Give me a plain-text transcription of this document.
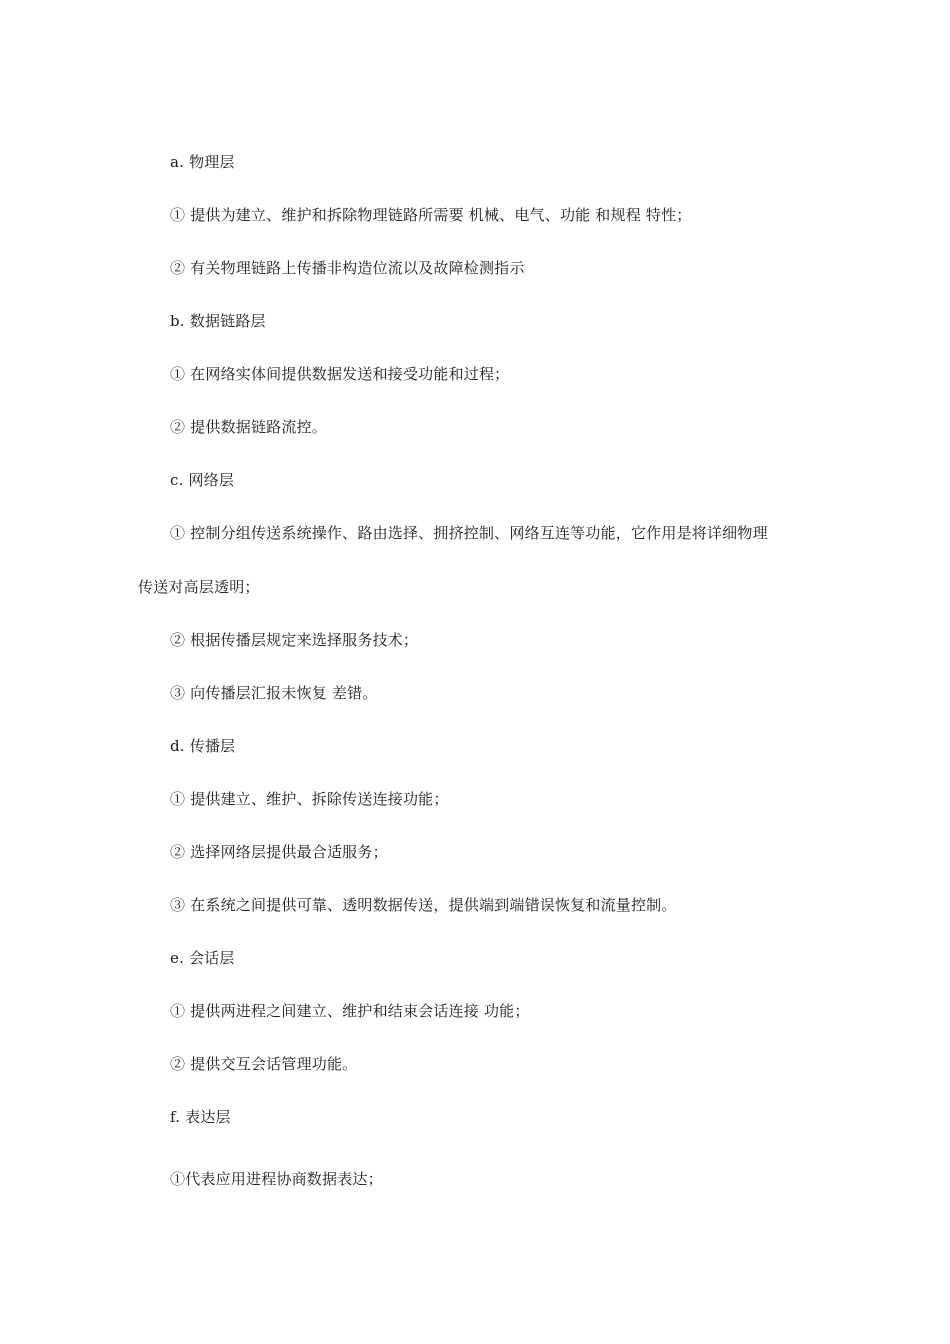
a. 物理层
① 提供为建立、维护和拆除物理链路所需要 机械、电气、功能 和规程 特性；
② 有关物理链路上传播非构造位流以及故障检测指示
b. 数据链路层
① 在网络实体间提供数据发送和接受功能和过程；
② 提供数据链路流控。
c. 网络层
① 控制分组传送系统操作、路由选择、拥挤控制、网络互连等功能，它作用是将详细物理
传送对高层透明；
② 根据传播层规定来选择服务技术；
③ 向传播层汇报未恢复 差错。
d. 传播层
① 提供建立、维护、拆除传送连接功能；
② 选择网络层提供最合适服务；
③ 在系统之间提供可靠、透明数据传送，提供端到端错误恢复和流量控制。
e. 会话层
① 提供两进程之间建立、维护和结束会话连接 功能；
② 提供交互会话管理功能。
f. 表达层
①代表应用进程协商数据表达；
